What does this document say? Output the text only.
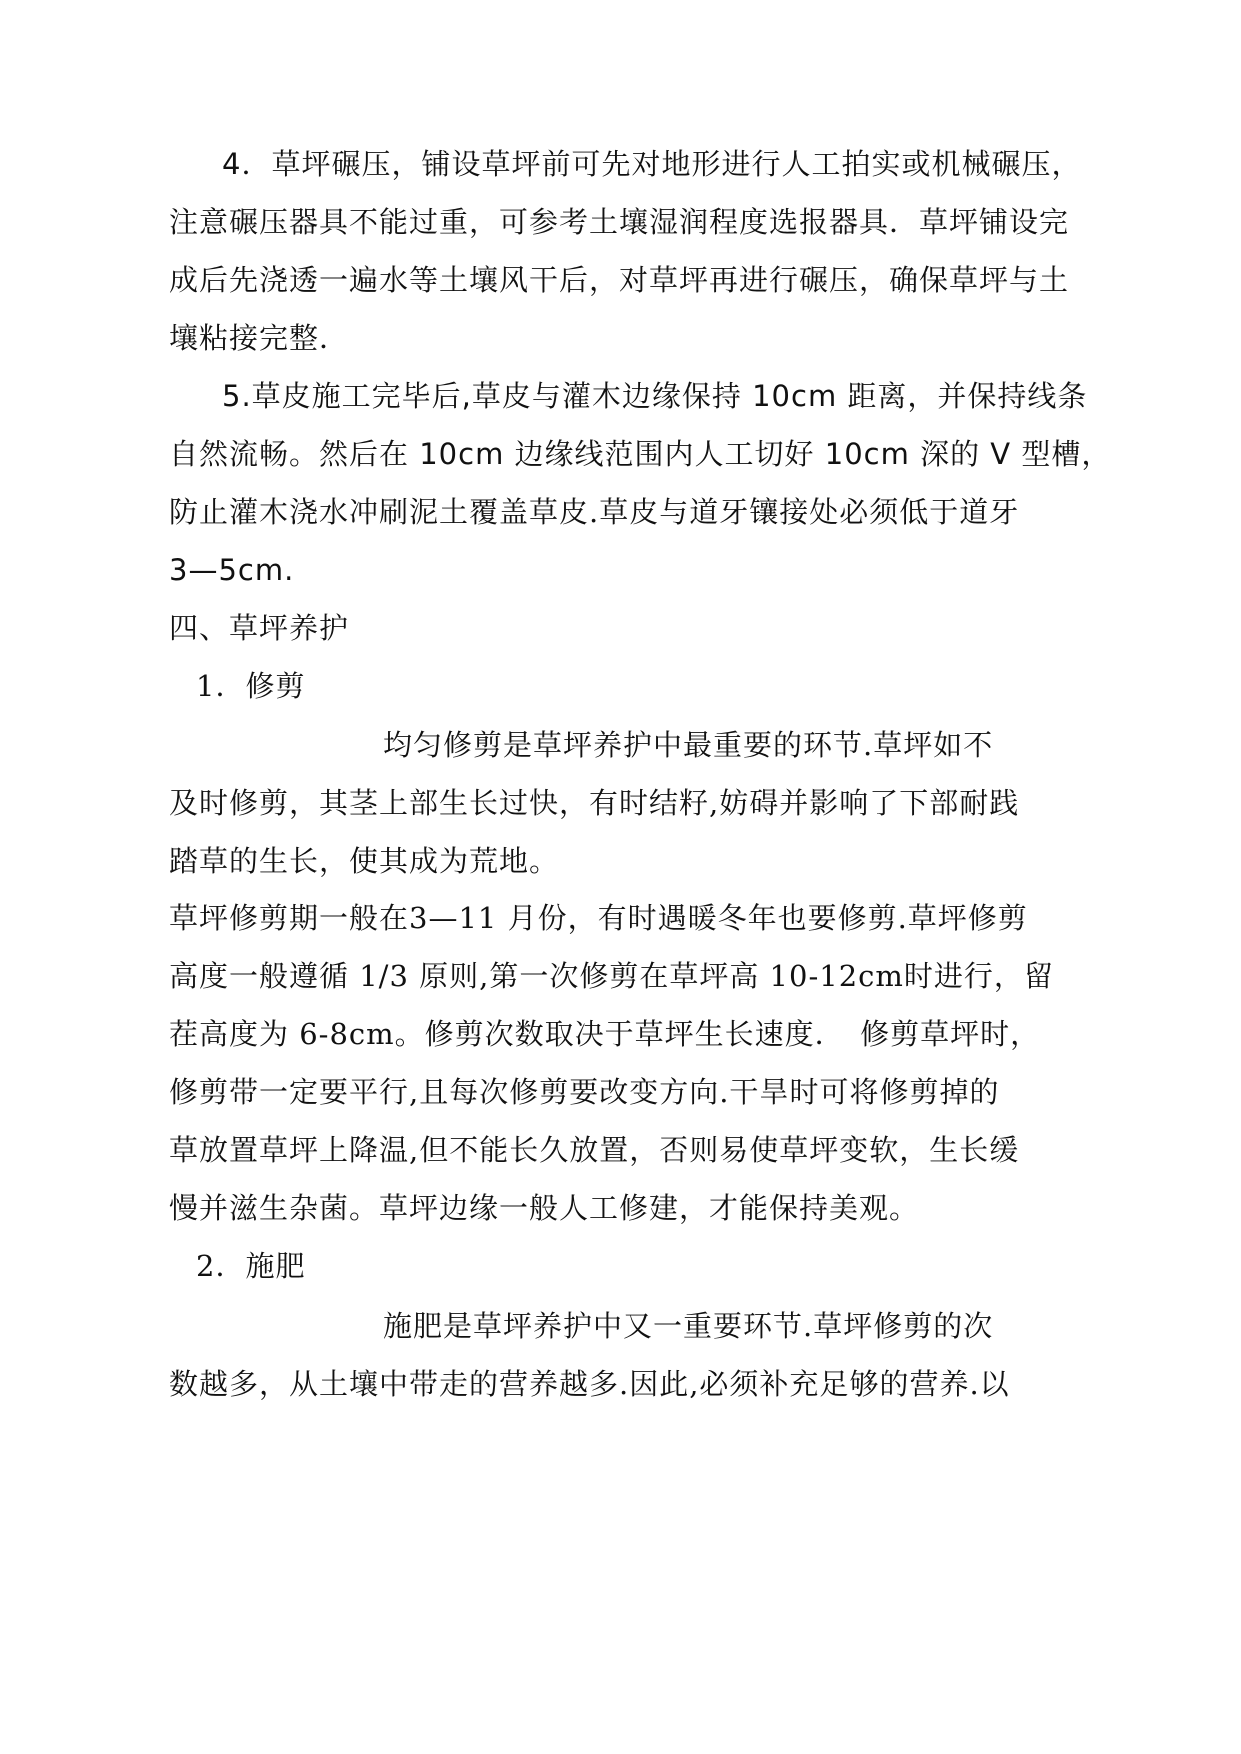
4．草坪碾压，铺设草坪前可先对地形进行人工拍实或机械碾压，
注意碾压器具不能过重，可参考土壤湿润程度选报器具．草坪铺设完
成后先浇透一遍水等土壤风干后，对草坪再进行碾压，确保草坪与土
壤粘接完整．
5.草皮施工完毕后,草皮与灌木边缘保持 10cm 距离，并保持线条
自然流畅。然后在 10cm 边缘线范围内人工切好 10cm 深的 V 型槽，
防止灌木浇水冲刷泥土覆盖草皮.草皮与道牙镶接处必须低于道牙
3—5cm.
四、草坪养护
1．修剪
均匀修剪是草坪养护中最重要的环节.草坪如不
及时修剪，其茎上部生长过快，有时结籽,妨碍并影响了下部耐践
踏草的生长，使其成为荒地。
草坪修剪期一般在3—11 月份，有时遇暖冬年也要修剪.草坪修剪
高度一般遵循 1/3 原则,第一次修剪在草坪高 10-12cm时进行，留
茬高度为 6-8cm。修剪次数取决于草坪生长速度．　修剪草坪时，
修剪带一定要平行,且每次修剪要改变方向.干旱时可将修剪掉的
草放置草坪上降温,但不能长久放置，否则易使草坪变软，生长缓
慢并滋生杂菌。草坪边缘一般人工修建，才能保持美观。
2．施肥
施肥是草坪养护中又一重要环节.草坪修剪的次
数越多，从土壤中带走的营养越多.因此,必须补充足够的营养.以
